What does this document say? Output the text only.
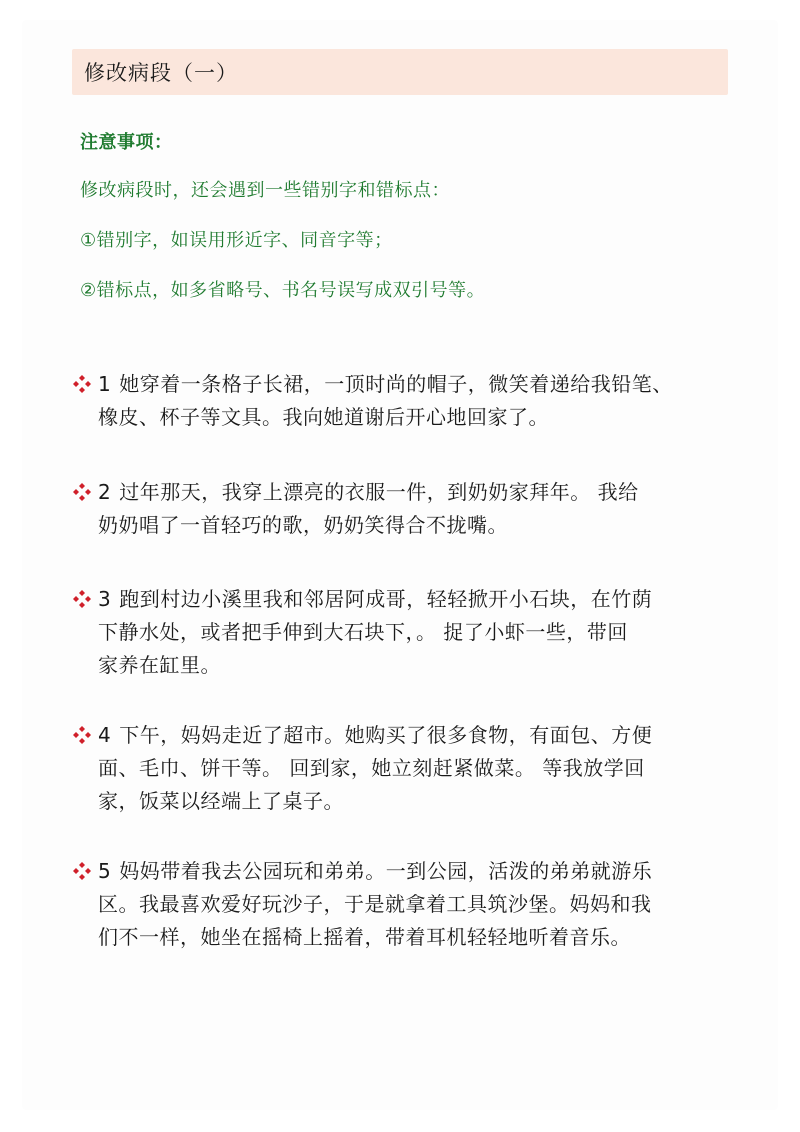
修改病段（一）
注意事项：
修改病段时，还会遇到一些错别字和错标点：
①错别字，如误用形近字、同音字等；
②错标点，如多省略号、书名号误写成双引号等。
1 她穿着一条格子长裙，一顶时尚的帽子，微笑着递给我铅笔、
橡皮、杯子等文具。我向她道谢后开心地回家了。
2 过年那天，我穿上漂亮的衣服一件，到奶奶家拜年。 我给
奶奶唱了一首轻巧的歌，奶奶笑得合不拢嘴。
3 跑到村边小溪里我和邻居阿成哥，轻轻掀开小石块，在竹荫
下静水处，或者把手伸到大石块下，。 捉了小虾一些，带回
家养在缸里。
4 下午，妈妈走近了超市。她购买了很多食物，有面包、方便
面、毛巾、饼干等。 回到家，她立刻赶紧做菜。 等我放学回
家，饭菜以经端上了桌子。
5 妈妈带着我去公园玩和弟弟。一到公园，活泼的弟弟就游乐
区。我最喜欢爱好玩沙子，于是就拿着工具筑沙堡。妈妈和我
们不一样，她坐在摇椅上摇着，带着耳机轻轻地听着音乐。
